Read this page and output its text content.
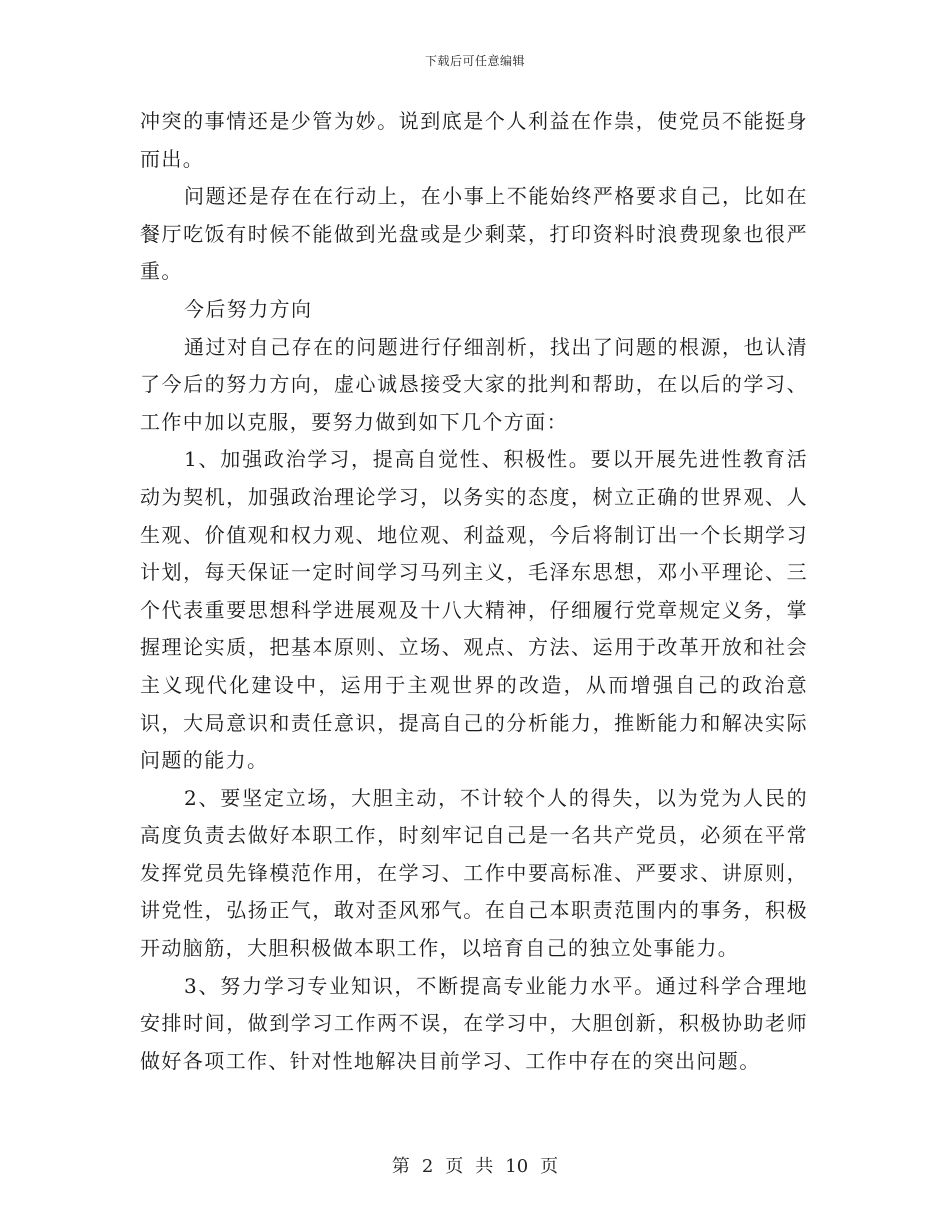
下载后可任意编辑

冲突的事情还是少管为妙。说到底是个人利益在作祟，使党员不能挺身而出。

问题还是存在在行动上，在小事上不能始终严格要求自己，比如在餐厅吃饭有时候不能做到光盘或是少剩菜，打印资料时浪费现象也很严重。

今后努力方向

通过对自己存在的问题进行仔细剖析，找出了问题的根源，也认清了今后的努力方向，虚心诚恳接受大家的批判和帮助，在以后的学习、工作中加以克服，要努力做到如下几个方面：

1、加强政治学习，提高自觉性、积极性。要以开展先进性教育活动为契机，加强政治理论学习，以务实的态度，树立正确的世界观、人生观、价值观和权力观、地位观、利益观，今后将制订出一个长期学习计划，每天保证一定时间学习马列主义，毛泽东思想，邓小平理论、三个代表重要思想科学进展观及十八大精神，仔细履行党章规定义务，掌握理论实质，把基本原则、立场、观点、方法、运用于改革开放和社会主义现代化建设中，运用于主观世界的改造，从而增强自己的政治意识，大局意识和责任意识，提高自己的分析能力，推断能力和解决实际问题的能力。

2、要坚定立场，大胆主动，不计较个人的得失，以为党为人民的高度负责去做好本职工作，时刻牢记自己是一名共产党员，必须在平常发挥党员先锋模范作用，在学习、工作中要高标准、严要求、讲原则，讲党性，弘扬正气，敢对歪风邪气。在自己本职责范围内的事务，积极开动脑筋，大胆积极做本职工作，以培育自己的独立处事能力。

3、努力学习专业知识，不断提高专业能力水平。通过科学合理地安排时间，做到学习工作两不误，在学习中，大胆创新，积极协助老师做好各项工作、针对性地解决目前学习、工作中存在的突出问题。

第 2 页 共 10 页
